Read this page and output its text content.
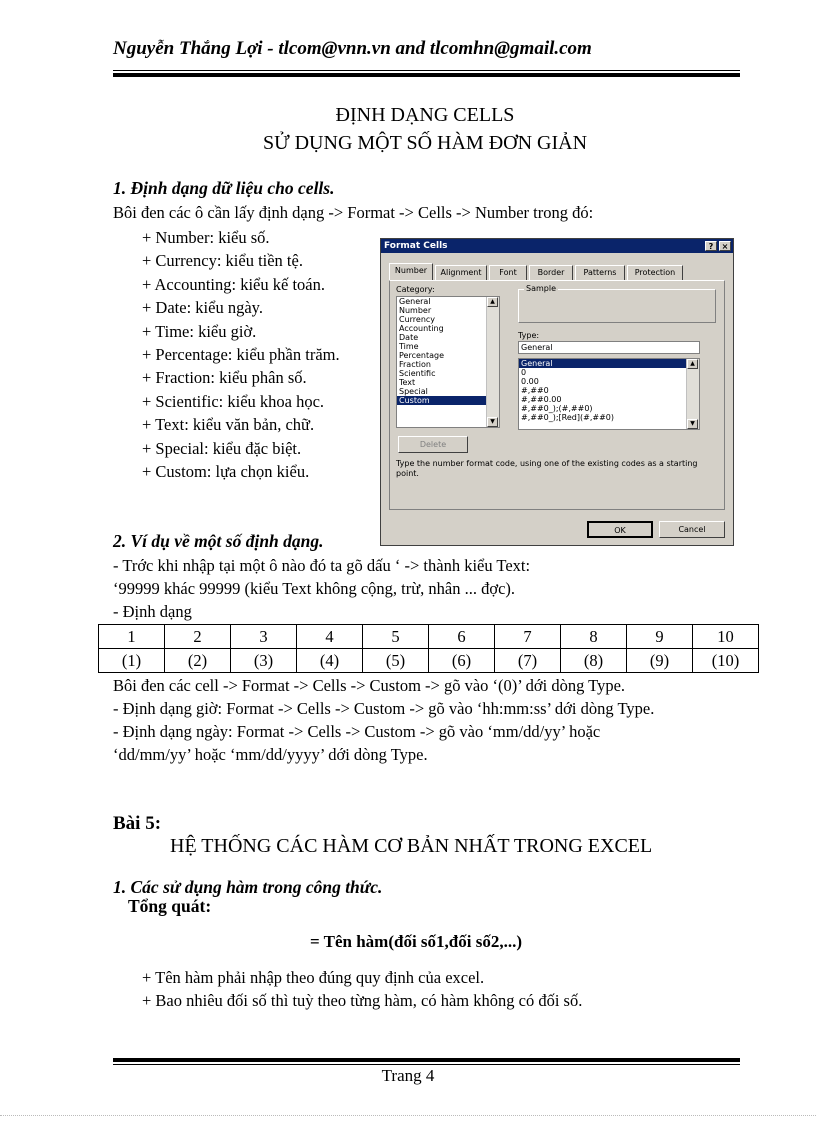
Nguyễn Thắng Lợi - tlcom@vnn.vn and tlcomhn@gmail.com
ĐỊNH DẠNG CELLS
SỬ DỤNG MỘT SỐ HÀM ĐƠN GIẢN
1. Định dạng dữ liệu cho cells.
Bôi đen các ô cần lấy định dạng -> Format -> Cells -> Number trong đó:
+ Number: kiểu số.
+ Currency: kiểu tiền tệ.
+ Accounting: kiểu kế toán.
+ Date: kiểu ngày.
+ Time: kiểu giờ.
+ Percentage: kiểu phần trăm.
+ Fraction: kiểu phân số.
+ Scientific: kiểu khoa học.
+ Text: kiểu văn bản, chữ.
+ Special: kiểu đặc biệt.
+ Custom: lựa chọn kiểu.
Format Cells	?	×
Number	Alignment	Font	Border	Patterns	Protection
Category:
General
Number
Currency
Accounting
Date
Time
Percentage
Fraction
Scientific
Text
Special
Custom
▲
▼
Sample
Type:
General
General
0
0.00
#,##0
#,##0.00
#,##0_);(#,##0)
#,##0_);[Red](#,##0)
▲
▼
Delete
Type the number format code, using one of the existing codes as a starting point.
OK	Cancel
2. Ví dụ về một số định dạng.
- Trớc khi nhập tại một ô nào đó ta gõ dấu ‘ -> thành kiểu Text:
‘99999 khác 99999 (kiểu Text không cộng, trừ, nhân ... đợc).
- Định dạng
1	2	3	4	5	6	7	8	9	10
(1)	(2)	(3)	(4)	(5)	(6)	(7)	(8)	(9)	(10)
Bôi đen các cell -> Format -> Cells -> Custom -> gõ vào ‘(0)’ dới dòng Type.
- Định dạng giờ: Format -> Cells -> Custom -> gõ vào ‘hh:mm:ss’ dới dòng Type.
- Định dạng ngày: Format -> Cells -> Custom -> gõ vào ‘mm/dd/yy’ hoặc
‘dd/mm/yy’ hoặc ‘mm/dd/yyyy’ dới dòng Type.
Bài 5:
HỆ THỐNG CÁC HÀM CƠ BẢN NHẤT TRONG EXCEL
1. Các sử dụng hàm trong công thức.
Tổng quát:
= Tên hàm(đối số1,đối số2,...)
+ Tên hàm phải nhập theo đúng quy định của excel.
+ Bao nhiêu đối số thì tuỳ theo từng hàm, có hàm không có đối số.
Trang 4
